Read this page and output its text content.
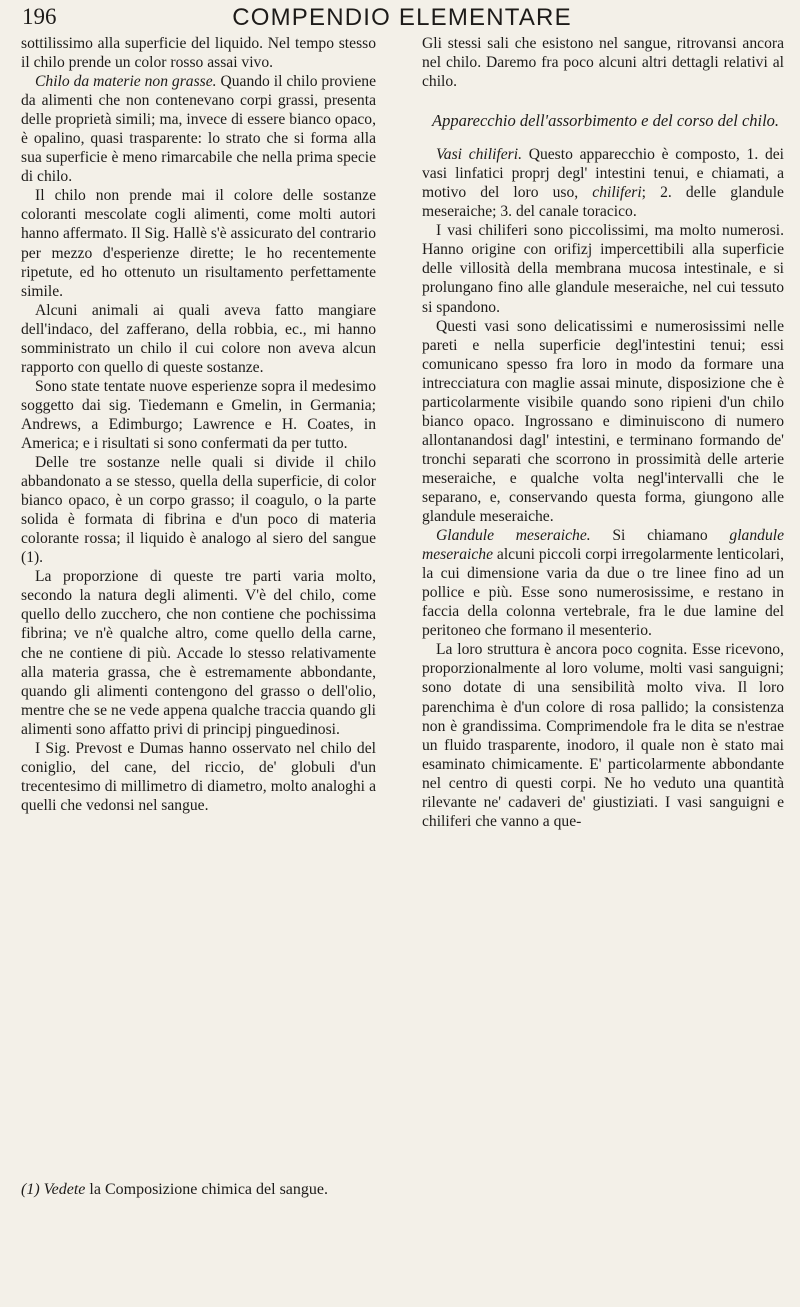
196	COMPENDIO ELEMENTARE

sottilissimo alla superficie del liquido. Nel tempo stesso il chilo prende un color rosso assai vivo.

Chilo da materie non grasse. Quando il chilo proviene da alimenti che non contenevano corpi grassi, presenta delle proprietà simili; ma, invece di essere bianco opaco, è opalino, quasi trasparente: lo strato che si forma alla sua superficie è meno rimarcabile che nella prima specie di chilo.

Il chilo non prende mai il colore delle sostanze coloranti mescolate cogli alimenti, come molti autori hanno affermato. Il Sig. Hallè s'è assicurato del contrario per mezzo d'esperienze dirette; le ho recentemente ripetute, ed ho ottenuto un risultamento perfettamente simile.

Alcuni animali ai quali aveva fatto mangiare dell'indaco, del zafferano, della robbia, ec., mi hanno somministrato un chilo il cui colore non aveva alcun rapporto con quello di queste sostanze.

Sono state tentate nuove esperienze sopra il medesimo soggetto dai sig. Tiedemann e Gmelin, in Germania; Andrews, a Edimburgo; Lawrence e H. Coates, in America; e i risultati si sono confermati da per tutto.

Delle tre sostanze nelle quali si divide il chilo abbandonato a se stesso, quella della superficie, di color bianco opaco, è un corpo grasso; il coagulo, o la parte solida è formata di fibrina e d'un poco di materia colorante rossa; il liquido è analogo al siero del sangue (1).

La proporzione di queste tre parti varia molto, secondo la natura degli alimenti. V'è del chilo, come quello dello zucchero, che non contiene che pochissima fibrina; ve n'è qualche altro, come quello della carne, che ne contiene di più. Accade lo stesso relativamente alla materia grassa, che è estremamente abbondante, quando gli alimenti contengono del grasso o dell'olio, mentre che se ne vede appena qualche traccia quando gli alimenti sono affatto privi di principj pinguedinosi.

I Sig. Prevost e Dumas hanno osservato nel chilo del coniglio, del cane, del riccio, de' globuli d'un trecentesimo di millimetro di diametro, molto analoghi a quelli che vedonsi nel sangue.

Gli stessi sali che esistono nel sangue, ritrovansi ancora nel chilo. Daremo fra poco alcuni altri dettagli relativi al chilo.

Apparecchio dell'assorbimento e del corso del chilo.

Vasi chiliferi. Questo apparecchio è composto, 1. dei vasi linfatici proprj degl' intestini tenui, e chiamati, a motivo del loro uso, chiliferi; 2. delle glandule meseraiche; 3. del canale toracico.

I vasi chiliferi sono piccolissimi, ma molto numerosi. Hanno origine con orifizj impercettibili alla superficie delle villosità della membrana mucosa intestinale, e si prolungano fino alle glandule meseraiche, nel cui tessuto si spandono.

Questi vasi sono delicatissimi e numerosissimi nelle pareti e nella superficie degl'intestini tenui; essi comunicano spesso fra loro in modo da formare una intrecciatura con maglie assai minute, disposizione che è particolarmente visibile quando sono ripieni d'un chilo bianco opaco. Ingrossano e diminuiscono di numero allontanandosi dagl' intestini, e terminano formando de' tronchi separati che scorrono in prossimità delle arterie meseraiche, e qualche volta negl'intervalli che le separano, e, conservando questa forma, giungono alle glandule meseraiche.

Glandule meseraiche. Si chiamano glandule meseraiche alcuni piccoli corpi irregolarmente lenticolari, la cui dimensione varia da due o tre linee fino ad un pollice e più. Esse sono numerosissime, e restano in faccia della colonna vertebrale, fra le due lamine del peritoneo che formano il mesenterio.

La loro struttura è ancora poco cognita. Esse ricevono, proporzionalmente al loro volume, molti vasi sanguigni; sono dotate di una sensibilità molto viva. Il loro parenchima è d'un colore di rosa pallido; la consistenza non è grandissima. Comprimendole fra le dita se n'estrae un fluido trasparente, inodoro, il quale non è stato mai esaminato chimicamente. E' particolarmente abbondante nel centro di questi corpi. Ne ho veduto una quantità rilevante ne' cadaveri de' giustiziati. I vasi sanguigni e chiliferi che vanno a que-

(1) Vedete la Composizione chimica del sangue.
